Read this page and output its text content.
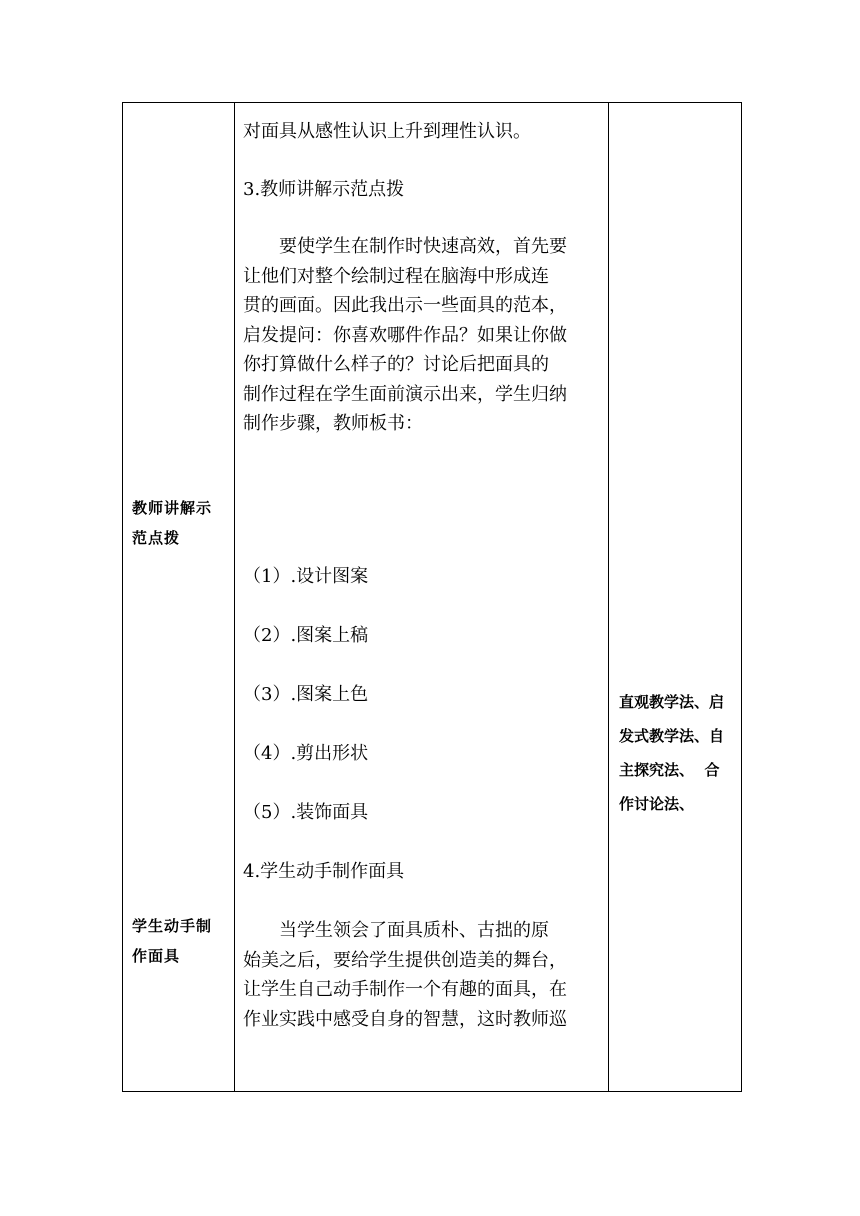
教师讲解示
范点拨
学生动手制
作面具

对面具从感性认识上升到理性认识。

3.教师讲解示范点拨

要使学生在制作时快速高效，首先要

让他们对整个绘制过程在脑海中形成连

贯的画面。因此我出示一些面具的范本，

启发提问：你喜欢哪件作品？如果让你做

你打算做什么样子的？讨论后把面具的

制作过程在学生面前演示出来，学生归纳

制作步骤，教师板书：

（1）.设计图案

（2）.图案上稿

（3）.图案上色

（4）.剪出形状

（5）.装饰面具

4.学生动手制作面具

当学生领会了面具质朴、古拙的原

始美之后，要给学生提供创造美的舞台，

让学生自己动手制作一个有趣的面具，在

作业实践中感受自身的智慧，这时教师巡

直观教学法、启
发式教学法、自
主探究法、  合
作讨论法、
